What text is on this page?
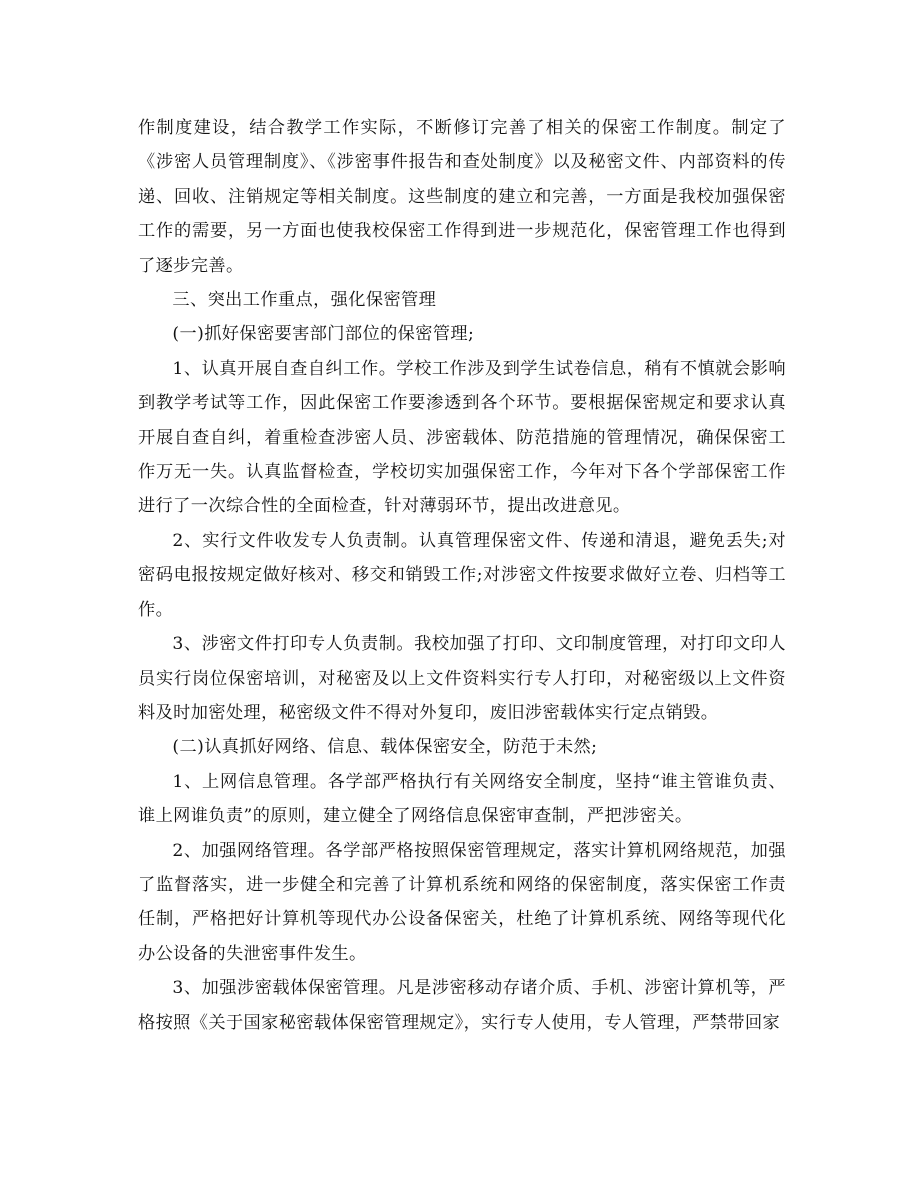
作制度建设，结合教学工作实际，不断修订完善了相关的保密工作制度。制定了《涉密人员管理制度》、《涉密事件报告和查处制度》以及秘密文件、内部资料的传递、回收、注销规定等相关制度。这些制度的建立和完善，一方面是我校加强保密工作的需要，另一方面也使我校保密工作得到进一步规范化，保密管理工作也得到了逐步完善。

三、突出工作重点，强化保密管理

(一)抓好保密要害部门部位的保密管理;

1、认真开展自查自纠工作。学校工作涉及到学生试卷信息，稍有不慎就会影响到教学考试等工作，因此保密工作要渗透到各个环节。要根据保密规定和要求认真开展自查自纠，着重检查涉密人员、涉密载体、防范措施的管理情况，确保保密工作万无一失。认真监督检查，学校切实加强保密工作，今年对下各个学部保密工作进行了一次综合性的全面检查，针对薄弱环节，提出改进意见。

2、实行文件收发专人负责制。认真管理保密文件、传递和清退，避免丢失;对密码电报按规定做好核对、移交和销毁工作;对涉密文件按要求做好立卷、归档等工作。

3、涉密文件打印专人负责制。我校加强了打印、文印制度管理，对打印文印人员实行岗位保密培训，对秘密及以上文件资料实行专人打印，对秘密级以上文件资料及时加密处理，秘密级文件不得对外复印，废旧涉密载体实行定点销毁。

(二)认真抓好网络、信息、载体保密安全，防范于未然;

1、上网信息管理。各学部严格执行有关网络安全制度，坚持“谁主管谁负责、谁上网谁负责”的原则，建立健全了网络信息保密审查制，严把涉密关。

2、加强网络管理。各学部严格按照保密管理规定，落实计算机网络规范，加强了监督落实，进一步健全和完善了计算机系统和网络的保密制度，落实保密工作责任制，严格把好计算机等现代办公设备保密关，杜绝了计算机系统、网络等现代化办公设备的失泄密事件发生。

3、加强涉密载体保密管理。凡是涉密移动存诸介质、手机、涉密计算机等，严格按照《关于国家秘密载体保密管理规定》，实行专人使用，专人管理，严禁带回家
